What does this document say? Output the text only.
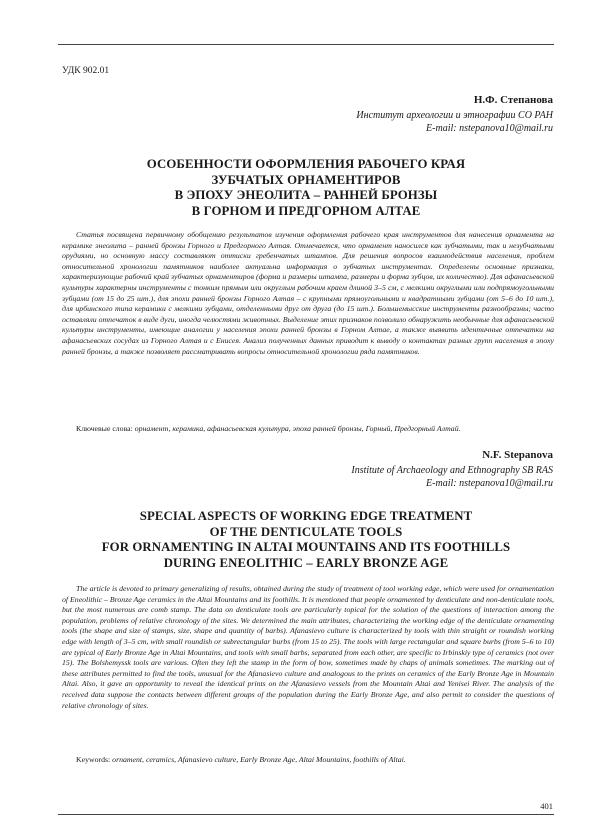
УДК 902.01
Н.Ф. Степанова
Институт археологии и этнографии СО РАН
E-mail: nstepanova10@mail.ru
ОСОБЕННОСТИ ОФОРМЛЕНИЯ РАБОЧЕГО КРАЯ
ЗУБЧАТЫХ ОРНАМЕНТИРОВ
В ЭПОХУ ЭНЕОЛИТА – РАННЕЙ БРОНЗЫ
В ГОРНОМ И ПРЕДГОРНОМ АЛТАЕ

Статья посвящена первичному обобщению результатов изучения оформления рабочего края инструментов для нанесения орнамента на керамике энеолита – ранней бронзы Горного и Предгорного Алтая. Отмечается, что орнамент наносился как зубчатыми, так и незубчатыми орудиями, но основную массу составляют оттиски гребенчатых штампов. Для решения вопросов взаимодействия населения, проблем относительной хронологии памятников наиболее актуальна информация о зубчатых инструментах. Определены основные признаки, характеризующие рабочий край зубчатых орнаментиров (форма и размеры штампа, размеры и форма зубцов, их количество). Для афанасьевской культуры характерны инструменты с тонким прямым или округлым рабочим краем длиной 3–5 см, с мелкими округлыми или подпрямоугольными зубцами (от 15 до 25 шт.), для эпохи ранней бронзы Горного Алтая – с крупными прямоугольными и квадратными зубцами (от 5–6 до 10 шт.), для ирбинского типа керамики с мелкими зубцами, отделенными друг от друга (до 15 шт.). Большемысские инструменты разнообразны; часто оставляли отпечаток в виде дуги, иногда челюстями животных. Выделение этих признаков позволило обнаружить необычные для афанасьевской культуры инструменты, имеющие аналогии у населения эпохи ранней бронзы в Горном Алтае, а также выявить идентичные отпечатки на афанасьевских сосудах из Горного Алтая и с Енисея. Анализ полученных данных приводит к выводу о контактах разных групп населения в эпоху ранней бронзы, а также позволяет рассматривать вопросы относительной хронологии ряда памятников.

Ключевые слова: орнамент, керамика, афанасьевская культура, эпоха ранней бронзы, Горный, Предгорный Алтай.

N.F. Stepanova
Institute of Archaeology and Ethnography SB RAS
E-mail: nstepanova10@mail.ru
SPECIAL ASPECTS OF WORKING EDGE TREATMENT
OF THE DENTICULATE TOOLS
FOR ORNAMENTING IN ALTAI MOUNTAINS AND ITS FOOTHILLS
DURING ENEOLITHIC – EARLY BRONZE AGE

The article is devoted to primary generalizing of results, obtained during the study of treatment of tool working edge, which were used for ornamentation of Eneolithic – Bronze Age ceramics in the Altai Mountains and its foothills. It is mentioned that people ornamented by denticulate and non-denticulate tools, but the most numerous are comb stamp. The data on denticulate tools are particularly topical for the solution of the questions of interaction among the population, problems of relative chronology of the sites. We determined the main attributes, characterizing the working edge of the denticulate ornamenting tools (the shape and size of stamps, size, shape and quantity of barbs). Afanasievo culture is characterized by tools with thin straight or roundish working edge with length of 3–5 cm, with small roundish or subrectangular burbs (from 15 to 25). The tools with large rectangular and square burbs (from 5–6 to 10) are typical of Early Bronze Age in Altai Mountains, and tools with small barbs, separated from each other, are specific to Irbinskiy type of ceramics (not over 15). The Bolshemyssk tools are various. Often they left the stamp in the form of bow, sometimes made by chaps of animals sometimes. The marking out of these attributes permitted to find the tools, unusual for the Afanasievo culture and analogous to the prints on ceramics of the Early Bronze Age in Mountain Altai. Also, it gave an opportunity to reveal the identical prints on the Afanasievo vessels from the Mountain Altai and Yenisei River. The analysis of the received data suppose the contacts between different groups of the population during the Early Bronze Age, and also permit to consider the questions of relative chronology of sites.

Keywords: ornament, ceramics, Afanasievo culture, Early Bronze Age, Altai Mountains, foothills of Altai.

401
